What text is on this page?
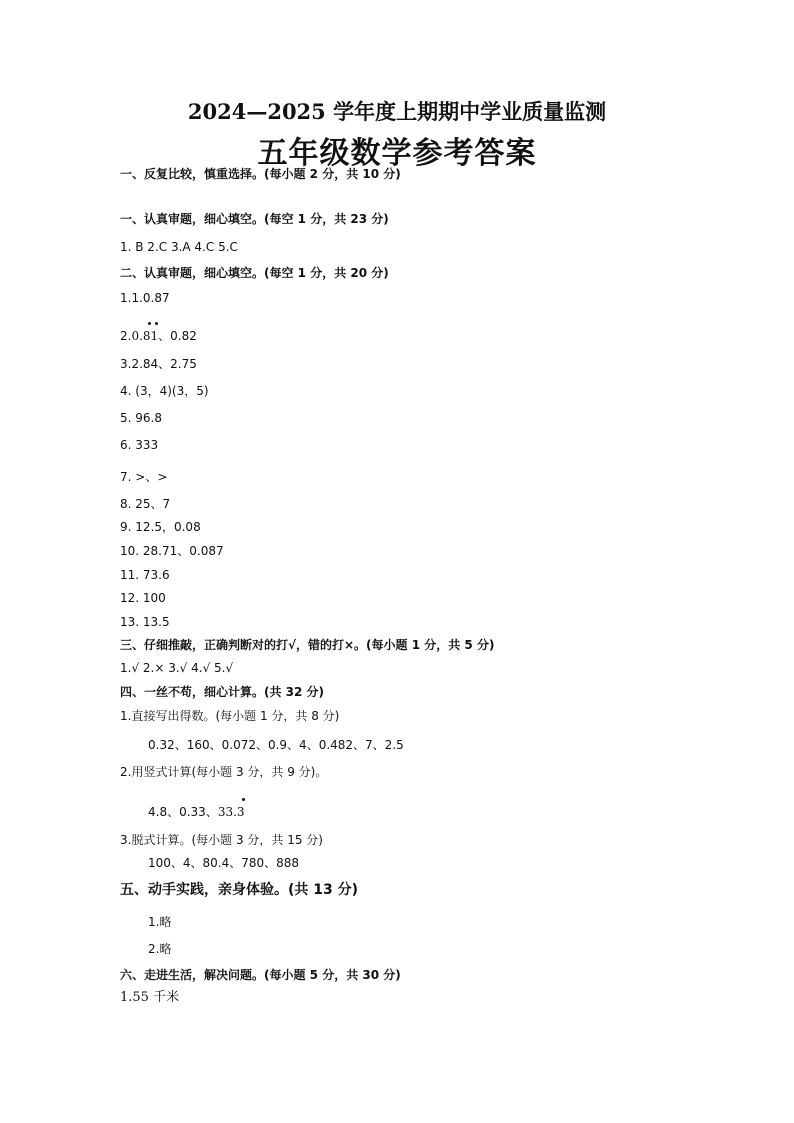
2024—2025 学年度上期期中学业质量监测
五年级数学参考答案
一、反复比较，慎重选择。(每小题 2 分，共 10 分)
一、认真审题，细心填空。(每空 1 分，共 23 分)
1. B 2.C 3.A 4.C 5.C
二、认真审题，细心填空。(每空 1 分，共 20 分)
1.1.0.87
2.0.81
、0.82
3.2.84、2.75
4. (3，4)(3，5)
5. 96.8
6. 333
7. >、>
8. 25、7
9. 12.5，0.08
10. 28.71、0.087
11. 73.6
12. 100
13. 13.5
三、仔细推敲，正确判断对的打√，错的打×。(每小题 1 分，共 5 分)
1.√ 2.× 3.√ 4.√ 5.√
四、一丝不苟，细心计算。(共 32 分)
1.直接写出得数。(每小题 1 分，共 8 分)
0.32、160、0.072、0.9、4、0.482、7、2.5
2.用竖式计算(每小题 3 分，共 9 分)。
4.8、0.33、33.3
3.脱式计算。(每小题 3 分，共 15 分)
100、4、80.4、780、888
五、动手实践，亲身体验。(共 13 分)
1.略
2.略
六、走进生活，解决问题。(每小题 5 分，共 30 分)
1.55 千米
